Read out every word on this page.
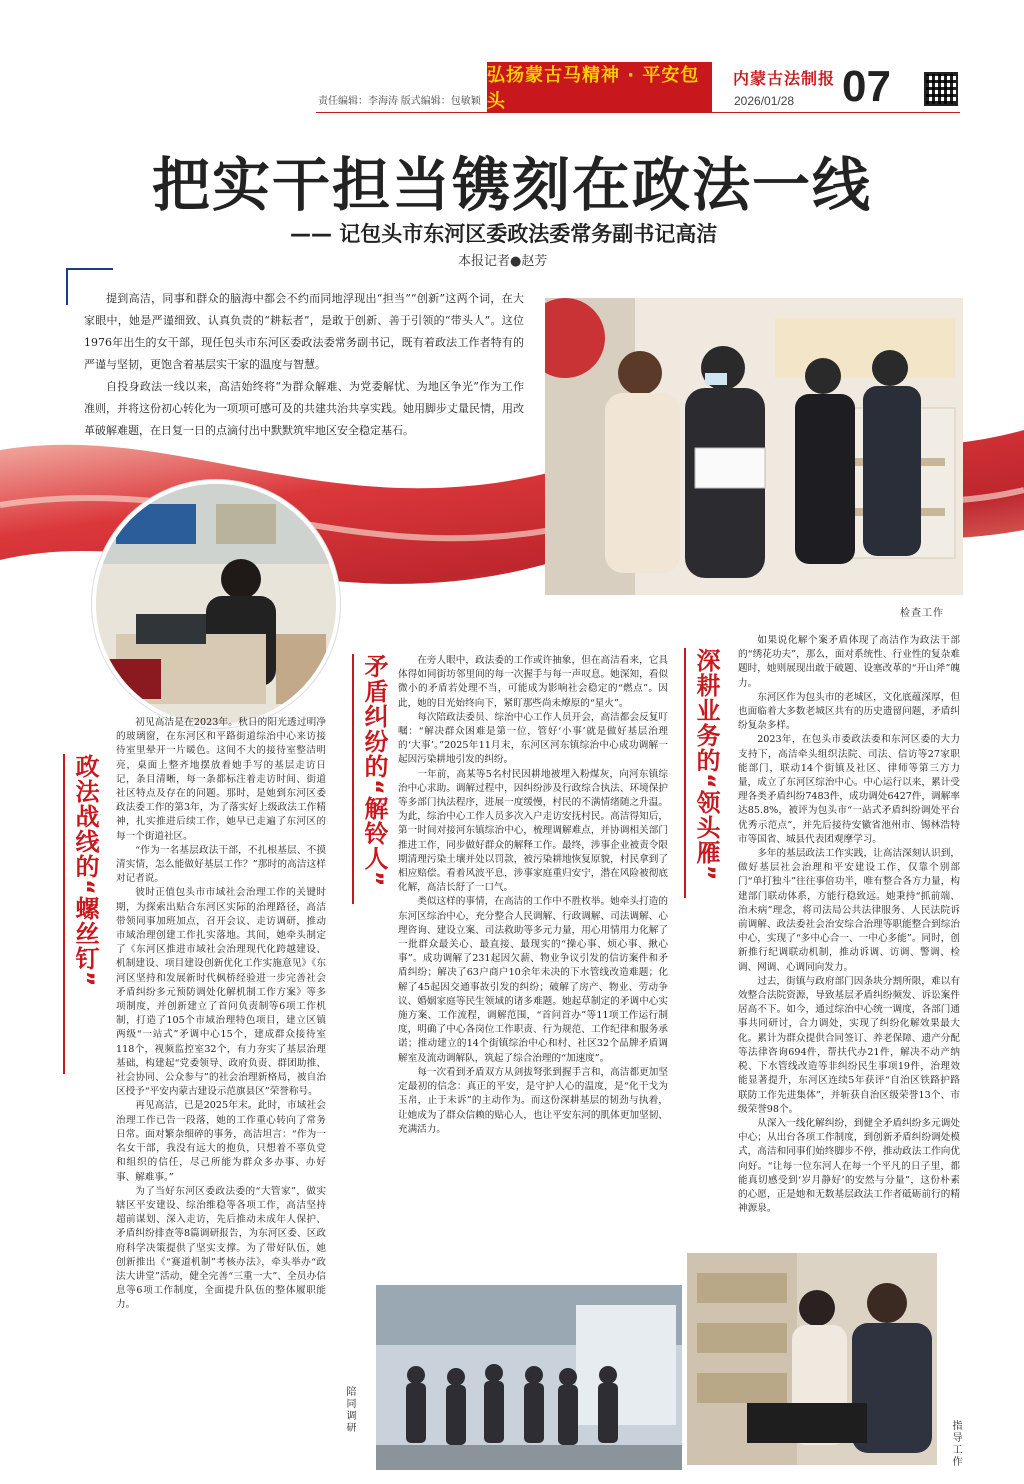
责任编辑：李海涛 版式编辑：包敏颖
弘扬蒙古马精神 · 平安包头
内蒙古法制报
2026/01/28 07
把实干担当镌刻在政法一线
—— 记包头市东河区委政法委常务副书记高洁
本报记者●赵芳

提到高洁，同事和群众的脑海中都会不约而同地浮现出“担当”“创新”这两个词，在大家眼中，她是严谨细致、认真负责的“耕耘者”，是敢于创新、善于引领的“带头人”。这位1976年出生的女干部，现任包头市东河区委政法委常务副书记，既有着政法工作者特有的严谨与坚韧，更饱含着基层实干家的温度与智慧。

自投身政法一线以来，高洁始终将“为群众解难、为党委解忧、为地区争光”作为工作准则，并将这份初心转化为一项项可感可及的共建共治共享实践。她用脚步丈量民情，用改革破解难题，在日复一日的点滴付出中默默筑牢地区安全稳定基石。

检查工作
陪同调研
指导工作
政法战线的“螺丝钉”	矛盾纠纷的“解铃人”	深耕业务的“领头雁”

初见高洁是在2023年。秋日的阳光透过明净的玻璃窗，在东河区和平路街道综治中心来访接待室里晕开一片暖色。这间不大的接待室整洁明亮，桌面上整齐地摆放着她手写的基层走访日记，条目清晰，每一条都标注着走访时间、街道社区特点及存在的问题。那时，是她到东河区委政法委工作的第3年，为了落实好上级政法工作精神，扎实推进后续工作，她早已走遍了东河区的每一个街道社区。

“作为一名基层政法干部，不扎根基层、不摸清实情，怎么能做好基层工作？”那时的高洁这样对记者说。

彼时正值包头市市域社会治理工作的关键时期，为探索出贴合东河区实际的治理路径，高洁带领同事加班加点，召开会议、走访调研，推动市域治理创建工作扎实落地。其间，她牵头制定了《东河区推进市域社会治理现代化跨越建设、机制建设、项目建设创新优化工作实施意见》《东河区坚持和发展新时代枫桥经验进一步完善社会矛盾纠纷多元预防调处化解机制工作方案》等多项制度，并创新建立了首问负责制等6项工作机制，打造了105个市域治理特色项目，建立区镇两级“一站式”矛调中心15个，建成群众接待室118个，视频监控室32个，有力夯实了基层治理基础，构建起“党委领导、政府负责、群团助推、社会协同、公众参与”的社会治理新格局，被自治区授予“平安内蒙古建设示范旗县区”荣誉称号。

再见高洁，已是2025年末。此时，市域社会治理工作已告一段落，她的工作重心转向了常务日常。面对繁杂细碎的事务，高洁坦言：“作为一名女干部，我没有远大的抱负，只想着不辜负党和组织的信任，尽己所能为群众多办事、办好事、解难事。”

为了当好东河区委政法委的“大管家”，做实辖区平安建设、综治维稳等各项工作，高洁坚持超前谋划、深入走访，先后推动未成年人保护、矛盾纠纷排查等8篇调研报告，为东河区委、区政府科学决策提供了坚实支撑。为了带好队伍，她创新推出《“赛道机制”考核办法》，牵头举办“政法大讲堂”活动，健全完善“三重一大”、全员办信息等6项工作制度，全面提升队伍的整体履职能力。

在旁人眼中，政法委的工作或许抽象，但在高洁看来，它具体得如同街坊邻里间的每一次握手与每一声叹息。她深知，看似微小的矛盾若处理不当，可能成为影响社会稳定的“燃点”。因此，她的目光始终向下，紧盯那些尚未燎原的“星火”。

每次陪政法委员、综治中心工作人员开会，高洁都会反复叮嘱：“解决群众困难是第一位，管好‘小事’就是做好基层治理的‘大事’。”2025年11月末，东河区河东镇综治中心成功调解一起因污染耕地引发的纠纷。

一年前，高某等5名村民因耕地被埋入粉煤灰，向河东镇综治中心求助。调解过程中，因纠纷涉及行政综合执法、环境保护等多部门执法程序，进展一度缓慢，村民的不满情绪随之升温。为此，综治中心工作人员多次入户走访安抚村民。高洁得知后，第一时间对接河东镇综治中心，梳理调解难点，并协调相关部门推进工作，同步做好群众的解释工作。最终，涉事企业被责令限期清理污染土壤并处以罚款，被污染耕地恢复原貌，村民拿到了相应赔偿。看着风波平息，涉事家庭重归安宁，潜在风险被彻底化解，高洁长舒了一口气。

类似这样的事情，在高洁的工作中不胜枚举。她牵头打造的东河区综治中心，充分整合人民调解、行政调解、司法调解、心理咨询、建设立案、司法救助等多元力量，用心用情用力化解了一批群众最关心、最直接、最现实的“操心事、烦心事、揪心事”。成功调解了231起因欠薪、物业争议引发的信访案件和矛盾纠纷；解决了63户商户10余年未决的下水管线改造难题；化解了45起因交通事故引发的纠纷；破解了房产、物业、劳动争议、婚姻家庭等民生领域的诸多难题。她起草制定的矛调中心实施方案、工作流程，调解范围，“首问首办”等11项工作运行制度，明确了中心各岗位工作职责、行为规范、工作纪律和服务承诺；推动建立的14个街镇综治中心和村、社区32个品牌矛盾调解室及流动调解队，筑起了综合治理的“加速度”。

每一次看到矛盾双方从剑拔弩张到握手言和，高洁都更加坚定最初的信念：真正的平安，是守护人心的温度，是“化干戈为玉帛，止于未诉”的主动作为。而这份深耕基层的韧劲与执着，让她成为了群众信赖的贴心人，也让平安东河的肌体更加坚韧、充满活力。

如果说化解个案矛盾体现了高洁作为政法干部的“绣花功夫”，那么，面对系统性、行业性的复杂难题时，她则展现出敢于破题、设塞改革的“开山斧”魄力。

东河区作为包头市的老城区，文化底蕴深厚，但也面临着大多数老城区共有的历史遗留问题，矛盾纠纷复杂多样。

2023年，在包头市委政法委和东河区委的大力支持下，高洁牵头组织法院、司法、信访等27家职能部门，联动14个街镇及社区、律师等第三方力量，成立了东河区综治中心。中心运行以来，累计受理各类矛盾纠纷7483件，成功调处6427件，调解率达85.8%，被评为包头市“一站式矛盾纠纷调处平台优秀示范点”，并先后接待安徽省池州市、锡林浩特市等国省、城县代表团观摩学习。

多年的基层政法工作实践，让高洁深刻认识到，做好基层社会治理和平安建设工作，仅靠个别部门“单打独斗”往往事倍功半，唯有整合各方力量，构建部门联动体系，方能行稳致远。她秉持“抓前端、治未病”理念，将司法局公共法律服务、人民法院诉前调解、政法委社会治安综合治理等职能整合到综治中心，实现了“多中心合一、一中心多能”。同时，创新推行纪调联动机制，推动诉调、访调、警调、检调、网调、心调同向发力。

过去，街镇与政府部门因条块分割所限，难以有效整合法院资源，导致基层矛盾纠纷频发、诉讼案件居高不下。如今，通过综治中心统一调度，各部门通事共同研讨，合力调处，实现了纠纷化解效果最大化。累计为群众提供合同签订、养老保障、遗产分配等法律咨询694件，帮扶代办21件，解决不动产纳税、下水管线改造等非纠纷民生事项19件，治理效能显著提升，东河区连续5年获评“自治区铁路护路联防工作先进集体”，并斩获自治区级荣誉13个、市级荣誉98个。

从深入一线化解纠纷，到健全矛盾纠纷多元调处中心；从出台各项工作制度，到创新矛盾纠纷调处模式，高洁和同事们始终脚步不停，推动政法工作向优向好。“让每一位东河人在每一个平凡的日子里，都能真切感受到‘岁月静好’的安然与分量”，这份朴素的心愿，正是她和无数基层政法工作者砥砺前行的精神源泉。
